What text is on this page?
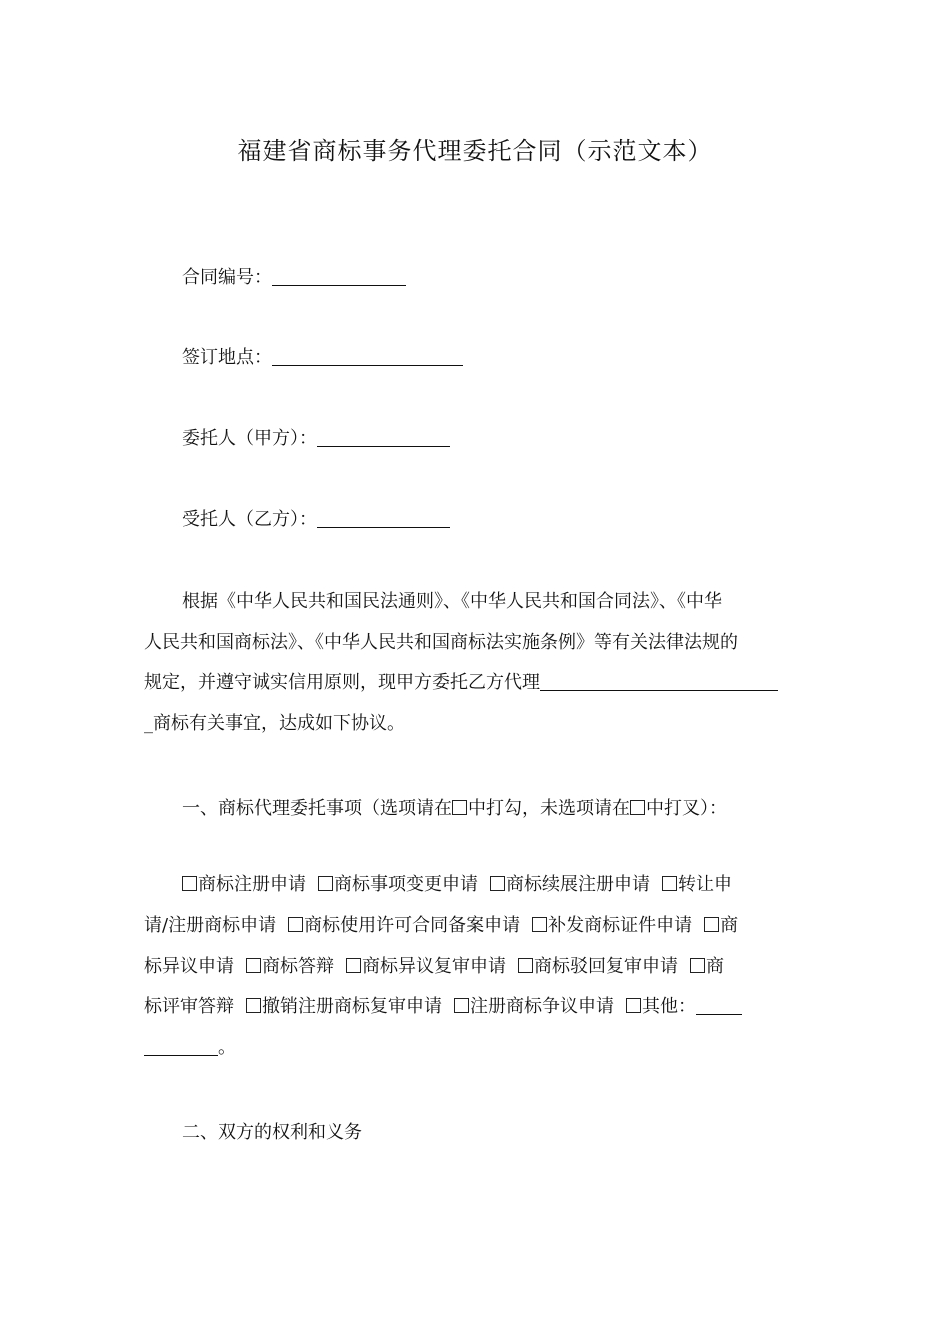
福建省商标事务代理委托合同（示范文本）
合同编号：
签订地点：
委托人（甲方）：
受托人（乙方）：
根据《中华人民共和国民法通则》、《中华人民共和国合同法》、《中华
人民共和国商标法》、《中华人民共和国商标法实施条例》等有关法律法规的
规定，并遵守诚实信用原则，现甲方委托乙方代理
_商标有关事宜，达成如下协议。
一、商标代理委托事项（选项请在 中打勾，未选项请在 中打叉）：
商标注册申请 商标事项变更申请 商标续展注册申请 转让申
请/注册商标申请 商标使用许可合同备案申请 补发商标证件申请 商
标异议申请 商标答辩 商标异议复审申请 商标驳回复审申请 商
标评审答辩 撤销注册商标复审申请 注册商标争议申请 其他：
。
二、双方的权利和义务
